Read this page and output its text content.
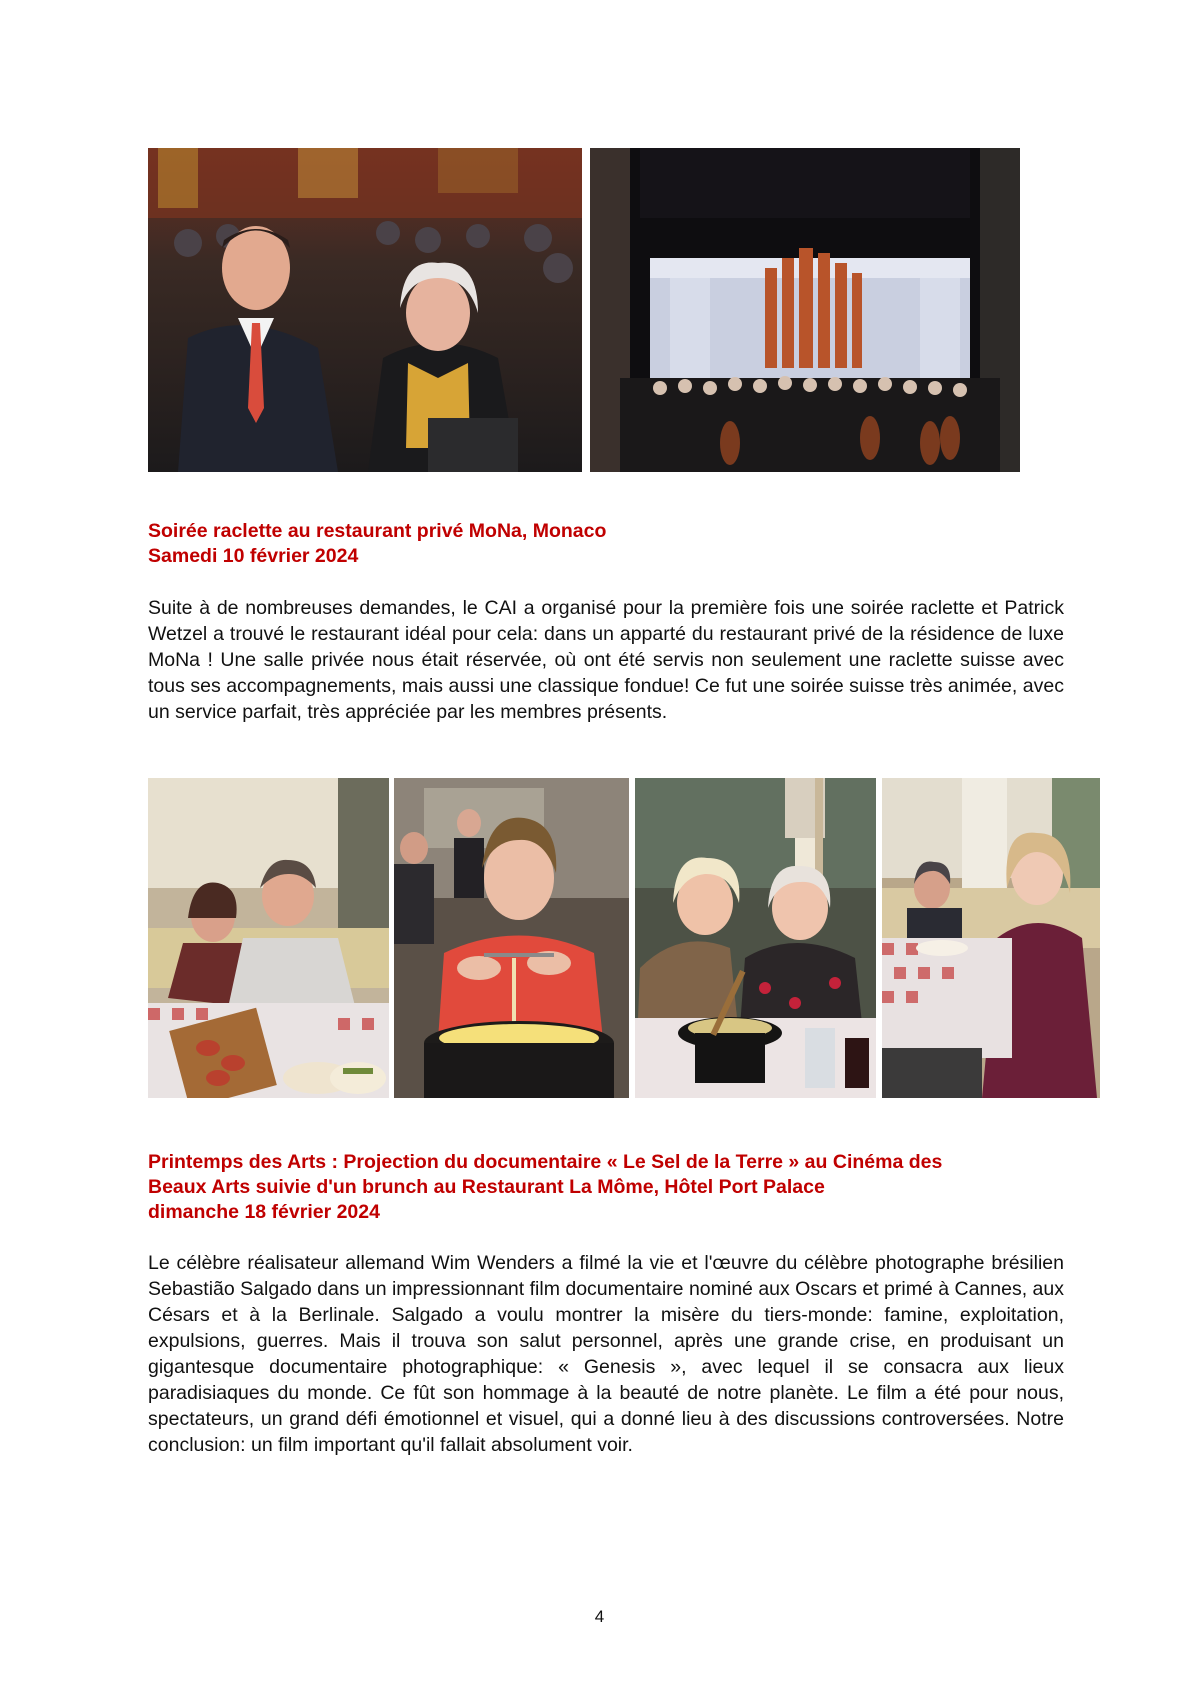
Soirée raclette au restaurant privé MoNa, Monaco
Samedi 10 février 2024
Suite à de nombreuses demandes, le CAI a organisé pour la première fois une soirée raclette et Patrick Wetzel a trouvé le restaurant idéal pour cela: dans un apparté du restaurant privé de la résidence de luxe MoNa ! Une salle privée nous était réservée, où ont été servis non seulement une raclette suisse avec tous ses accompagnements, mais aussi une classique fondue! Ce fut une soirée suisse très animée, avec un service parfait, très appréciée par les membres présents.
Printemps des Arts : Projection du documentaire « Le Sel de la Terre » au Cinéma des
Beaux Arts suivie d'un brunch au Restaurant La Môme, Hôtel Port Palace
dimanche 18 février 2024
Le célèbre réalisateur allemand Wim Wenders a filmé la vie et l'œuvre du célèbre photographe brésilien Sebastião Salgado dans un impressionnant film documentaire nominé aux Oscars et primé à Cannes, aux Césars et à la Berlinale. Salgado a voulu montrer la misère du tiers-monde: famine, exploitation, expulsions, guerres. Mais il trouva son salut personnel, après une grande crise, en produisant un gigantesque documentaire photographique: « Genesis », avec lequel il se consacra aux lieux paradisiaques du monde. Ce fût son hommage à la beauté de notre planète. Le film a été pour nous, spectateurs, un grand défi émotionnel et visuel, qui a donné lieu à des discussions controversées. Notre conclusion: un film important qu'il fallait absolument voir.
4
